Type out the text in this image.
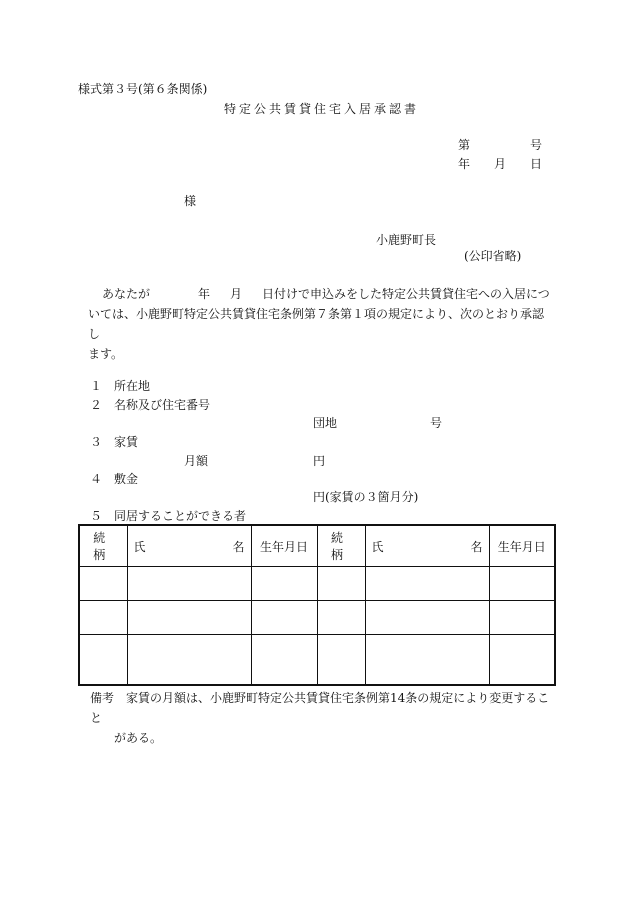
様式第３号(第６条関係)
特定公共賃貸住宅入居承認書
第	号
年 月 日
様
小鹿野町長
(公印省略)
あなたが	年 月 日付けで申込みをした特定公共賃貸住宅への入居につ
いては、小鹿野町特定公共賃貸住宅条例第７条第１項の規定により、次のとおり承認し
ます。
１　所在地
２　名称及び住宅番号
団地	号
３　家賃
月額	円
４　敷金
円(家賃の３箇月分)
５　同居することができる者
続柄	氏 名	生年月日	続柄	氏 名	生年月日

備考　 家賃の月額は、小鹿野町特定公共賃貸住宅条例第14条の規定により変更すること
がある。
